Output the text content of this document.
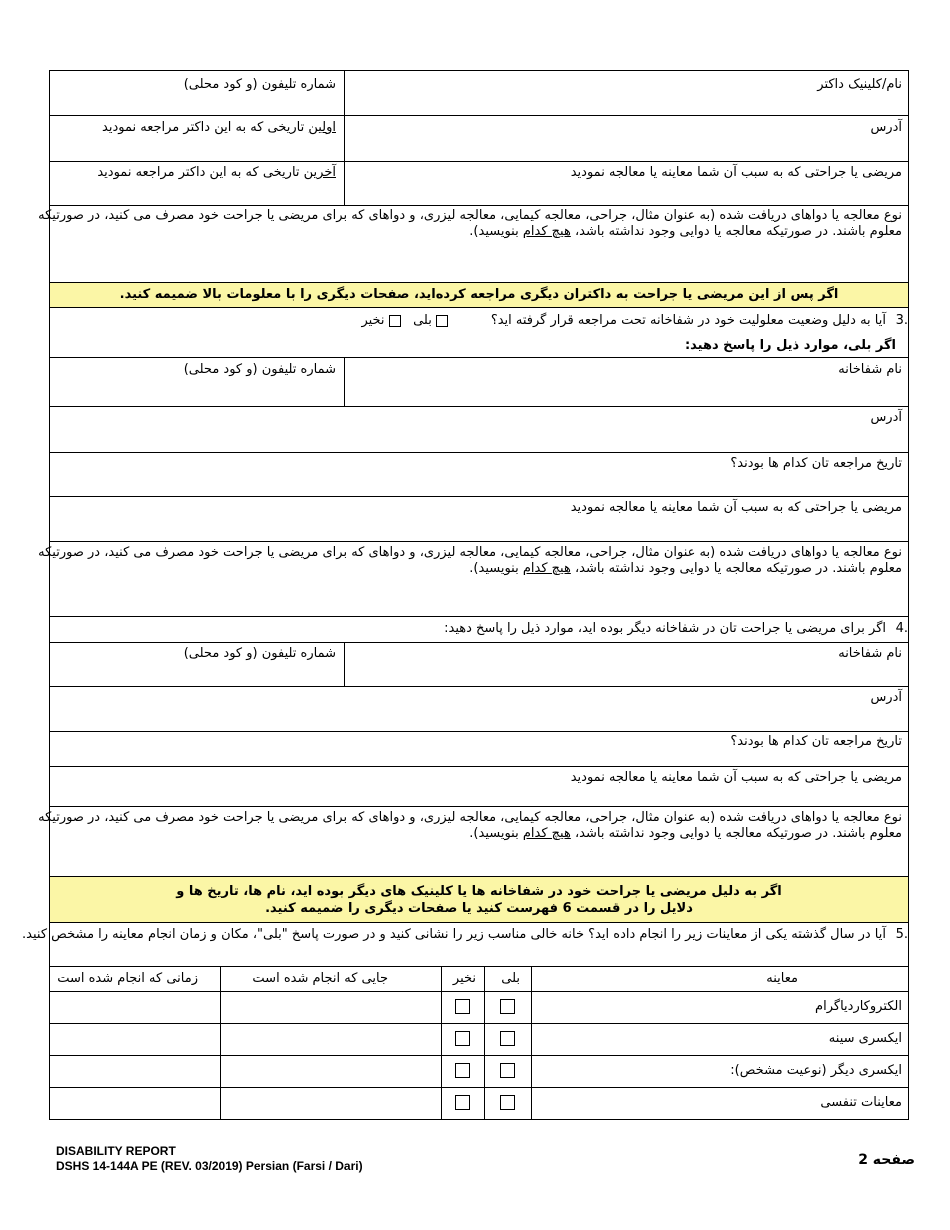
نام/کلینیک داکتر
شماره تلیفون (و کود محلی)
آدرس
اولین تاریخی که به این داکتر مراجعه نمودید
مریضی یا جراحتی که به سبب آن شما معاینه یا معالجه نمودید
آخرین تاریخی که به این داکتر مراجعه نمودید
نوع معالجه یا دواهای دریافت شده (به عنوان مثال، جراحی، معالجه کیمایی، معالجه لیزری، و دواهای که برای مریضی یا جراحت خود مصرف می کنید، در صورتیکه
معلوم باشند. در صورتیکه معالجه یا دوایی وجود نداشته باشد، هیچ کدام بنویسید).
اگر پس از این مریضی یا جراحت به داکتران دیگری مراجعه کرده‌اید، صفحات دیگری را با معلومات بالا ضمیمه کنید.
3.
آیا به دلیل وضعیت معلولیت خود در شفاخانه تحت مراجعه قرار گرفته اید؟
بلی    نخیر
اگر بلی، موارد ذیل را پاسخ دهید:
نام شفاخانه
شماره تلیفون (و کود محلی)
آدرس
تاریخ مراجعه تان کدام ها بودند؟
مریضی یا جراحتی که به سبب آن شما معاینه یا معالجه نمودید
نوع معالجه یا دواهای دریافت شده (به عنوان مثال، جراحی، معالجه کیمایی، معالجه لیزری، و دواهای که برای مریضی یا جراحت خود مصرف می کنید، در صورتیکه
معلوم باشند. در صورتیکه معالجه یا دوایی وجود نداشته باشد، هیچ کدام بنویسید).
4.
اگر برای مریضی یا جراحت تان در شفاخانه دیگر بوده اید، موارد ذیل را پاسخ دهید:
نام شفاخانه
شماره تلیفون (و کود محلی)
آدرس
تاریخ مراجعه تان کدام ها بودند؟
مریضی یا جراحتی که به سبب آن شما معاینه یا معالجه نمودید
نوع معالجه یا دواهای دریافت شده (به عنوان مثال، جراحی، معالجه کیمایی، معالجه لیزری، و دواهای که برای مریضی یا جراحت خود مصرف می کنید، در صورتیکه
معلوم باشند. در صورتیکه معالجه یا دوایی وجود نداشته باشد، هیچ کدام بنویسید).
اگر به دلیل مریضی یا جراحت خود در شفاخانه ها یا کلینیک های دیگر بوده اید، نام ها، تاریخ ها و
دلایل را در قسمت 6 فهرست کنید یا صفحات دیگری را ضمیمه کنید.
5.
آیا در سال گذشته یکی از معاینات زیر را انجام داده اید؟ خانه خالی مناسب زیر را نشانی کنید و در صورت پاسخ "بلی"، مکان و زمان انجام معاینه را مشخص کنید.
معاینه
بلی
نخیر
جایی که انجام شده است
زمانی که انجام شده است
الکتروکاردیاگرام
ایکسری سینه
ایکسری دیگر (نوعیت مشخص):
معاینات تنفسی
DISABILITY REPORT
DSHS 14-144A PE (REV. 03/2019) Persian (Farsi / Dari)	صفحه 2
